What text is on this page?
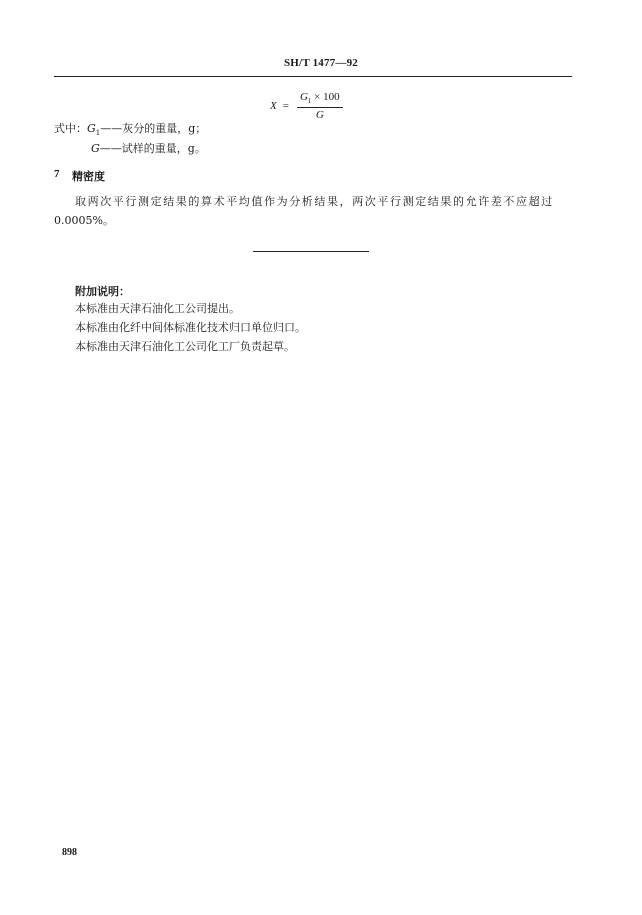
SH/T 1477—92
$X = \frac{G_1 \times 100}{G}$
式中：$G_1——$灰分的重量，g；
G——试样的重量，g。
7 精密度
取两次平行测定结果的算术平均值作为分析结果，两次平行测定结果的允许差不应超过
0.0005%。
附加说明：
本标准由天津石油化工公司提出。
本标准由化纤中间体标准化技术归口单位归口。
本标准由天津石油化工公司化工厂负责起草。
898
